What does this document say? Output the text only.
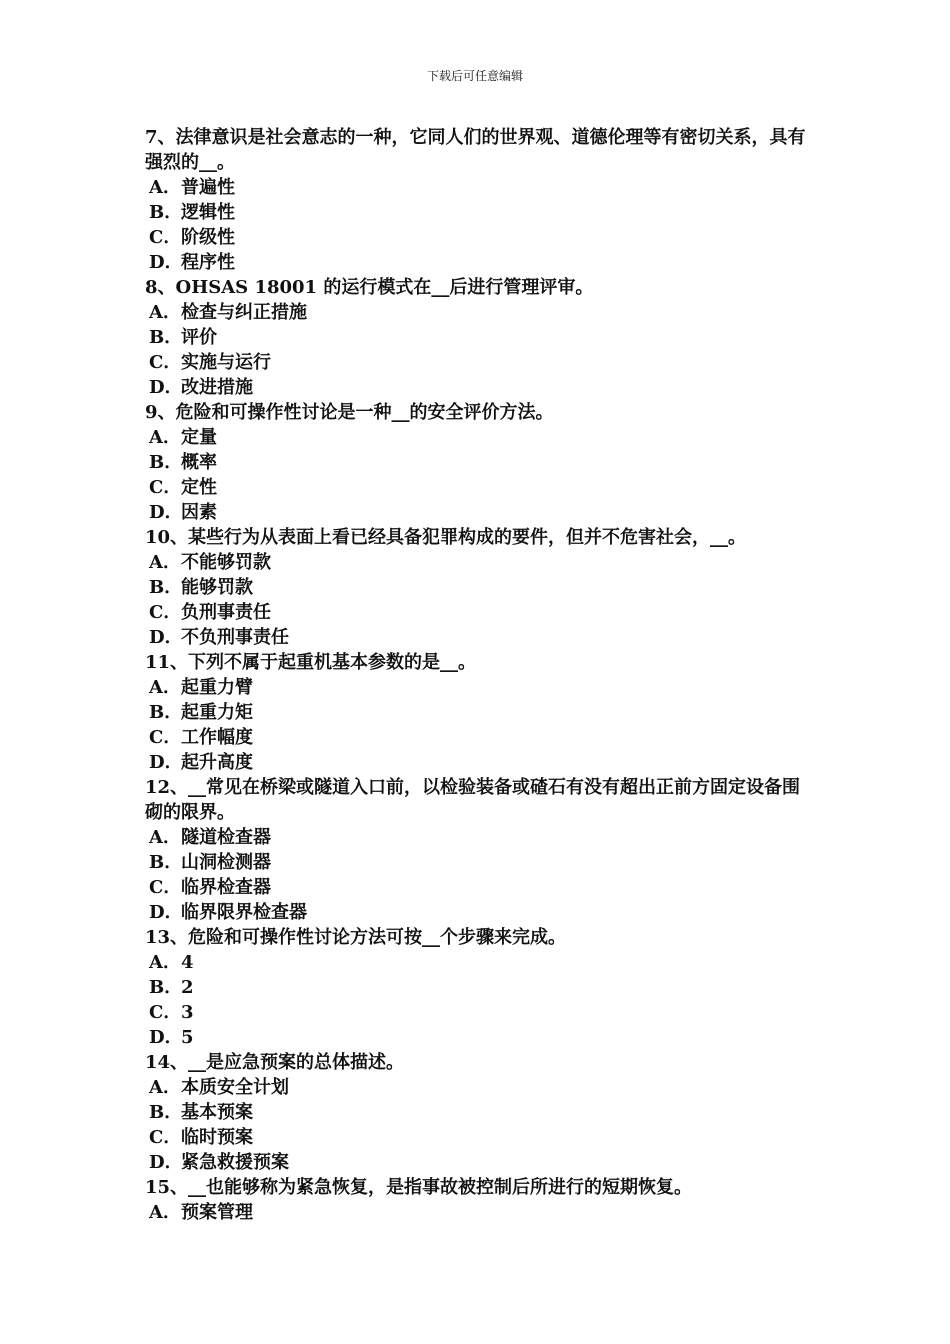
下载后可任意编辑

7、法律意识是社会意志的一种，它同人们的世界观、道德伦理等有密切关系，具有强烈的__。

A．普遍性
B．逻辑性
C．阶级性
D．程序性

8、OHSAS 18001 的运行模式在__后进行管理评审。

A．检查与纠正措施
B．评价
C．实施与运行
D．改进措施

9、危险和可操作性讨论是一种__的安全评价方法。

A．定量
B．概率
C．定性
D．因素

10、某些行为从表面上看已经具备犯罪构成的要件，但并不危害社会，__。

A．不能够罚款
B．能够罚款
C．负刑事责任
D．不负刑事责任

11、下列不属于起重机基本参数的是__。

A．起重力臂
B．起重力矩
C．工作幅度
D．起升高度

12、__常见在桥梁或隧道入口前，以检验装备或碴石有没有超出正前方固定设备围砌的限界。

A．隧道检查器
B．山洞检测器
C．临界检查器
D．临界限界检查器

13、危险和可操作性讨论方法可按__个步骤来完成。

A．4
B．2
C．3
D．5

14、__是应急预案的总体描述。

A．本质安全计划
B．基本预案
C．临时预案
D．紧急救援预案

15、__也能够称为紧急恢复，是指事故被控制后所进行的短期恢复。

A．预案管理
